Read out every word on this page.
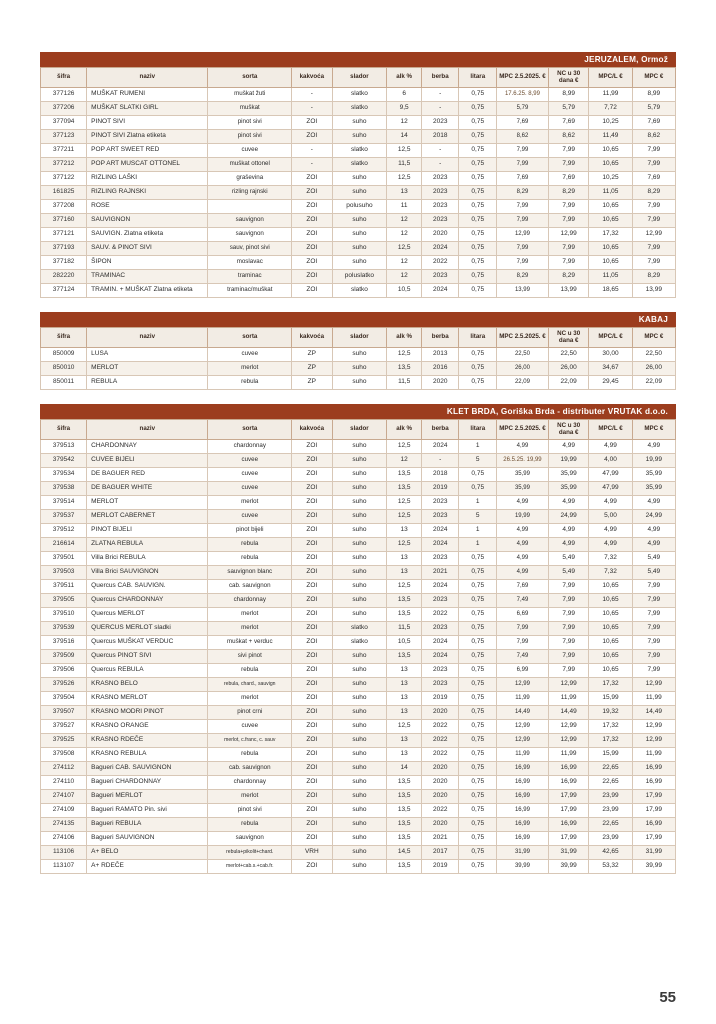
JERUZALEM, Ormož
šifra	naziv	sorta	kakvoća	slador	alk %	berba	litara	MPC 2.5.2025. €	NC u 30 dana €	MPC/L €	MPC €
377126	MUŠKAT RUMENI	muškat žuti	-	slatko	6	-	0,75	17.6.25. 8,99	8,99	11,99	8,99
377206	MUŠKAT SLATKI GIRL	muškat	-	slatko	9,5	-	0,75	5,79	5,79	7,72	5,79
377094	PINOT SIVI	pinot sivi	ZOI	suho	12	2023	0,75	7,69	7,69	10,25	7,69
377123	PINOT SIVI Zlatna etiketa	pinot sivi	ZOI	suho	14	2018	0,75	8,62	8,62	11,49	8,62
377211	POP ART SWEET RED	cuvee	-	slatko	12,5	-	0,75	7,99	7,99	10,65	7,99
377212	POP ART MUSCAT OTTONEL	muškat ottonel	-	slatko	11,5	-	0,75	7,99	7,99	10,65	7,99
377122	RIZLING LAŠKI	graševina	ZOI	suho	12,5	2023	0,75	7,69	7,69	10,25	7,69
161825	RIZLING RAJNSKI	rizling rajnski	ZOI	suho	13	2023	0,75	8,29	8,29	11,05	8,29
377208	ROSE		ZOI	polusuho	11	2023	0,75	7,99	7,99	10,65	7,99
377160	SAUVIGNON	sauvignon	ZOI	suho	12	2023	0,75	7,99	7,99	10,65	7,99
377121	SAUVIGN. Zlatna etiketa	sauvignon	ZOI	suho	12	2020	0,75	12,99	12,99	17,32	12,99
377193	SAUV. & PINOT SIVI	sauv, pinot sivi	ZOI	suho	12,5	2024	0,75	7,99	7,99	10,65	7,99
377182	ŠIPON	moslavac	ZOI	suho	12	2022	0,75	7,99	7,99	10,65	7,99
282220	TRAMINAC	traminac	ZOI	poluslatko	12	2023	0,75	8,29	8,29	11,05	8,29
377124	TRAMIN. + MUŠKAT Zlatna etiketa	traminac/muškat	ZOI	slatko	10,5	2024	0,75	13,99	13,99	18,65	13,99
KABAJ
šifra	naziv	sorta	kakvoća	slador	alk %	berba	litara	MPC 2.5.2025. €	NC u 30 dana €	MPC/L €	MPC €
850009	LUSA	cuvee	ZP	suho	12,5	2013	0,75	22,50	22,50	30,00	22,50
850010	MERLOT	merlot	ZP	suho	13,5	2016	0,75	26,00	26,00	34,67	26,00
850011	REBULA	rebula	ZP	suho	11,5	2020	0,75	22,09	22,09	29,45	22,09
KLET BRDA, Goriška Brda - distributer VRUTAK d.o.o.
šifra	naziv	sorta	kakvoća	slador	alk %	berba	litara	MPC 2.5.2025. €	NC u 30 dana €	MPC/L €	MPC €
379513	CHARDONNAY	chardonnay	ZOI	suho	12,5	2024	1	4,99	4,99	4,99	4,99
379542	CUVEE BIJELI	cuvee	ZOI	suho	12	-	5	26.5.25. 19,99	19,99	4,00	19,99
379534	DE BAGUER RED	cuvee	ZOI	suho	13,5	2018	0,75	35,99	35,99	47,99	35,99
379538	DE BAGUER WHITE	cuvee	ZOI	suho	13,5	2019	0,75	35,99	35,99	47,99	35,99
379514	MERLOT	merlot	ZOI	suho	12,5	2023	1	4,99	4,99	4,99	4,99
379537	MERLOT CABERNET	cuvee	ZOI	suho	12,5	2023	5	19,99	24,99	5,00	24,99
379512	PINOT BIJELI	pinot bijeli	ZOI	suho	13	2024	1	4,99	4,99	4,99	4,99
216614	ZLATNA REBULA	rebula	ZOI	suho	12,5	2024	1	4,99	4,99	4,99	4,99
379501	Villa Brici REBULA	rebula	ZOI	suho	13	2023	0,75	4,99	5,49	7,32	5,49
379503	Villa Brici SAUVIGNON	sauvignon blanc	ZOI	suho	13	2021	0,75	4,99	5,49	7,32	5,49
379511	Quercus CAB. SAUVIGN.	cab. sauvignon	ZOI	suho	12,5	2024	0,75	7,69	7,99	10,65	7,99
379505	Quercus CHARDONNAY	chardonnay	ZOI	suho	13,5	2023	0,75	7,49	7,99	10,65	7,99
379510	Quercus MERLOT	merlot	ZOI	suho	13,5	2022	0,75	6,69	7,99	10,65	7,99
379539	QUERCUS MERLOT sladki	merlot	ZOI	slatko	11,5	2023	0,75	7,99	7,99	10,65	7,99
379516	Quercus MUŠKAT VERDUC	muškat + verduc	ZOI	slatko	10,5	2024	0,75	7,99	7,99	10,65	7,99
379509	Quercus PINOT SIVI	sivi pinot	ZOI	suho	13,5	2024	0,75	7,49	7,99	10,65	7,99
379506	Quercus REBULA	rebula	ZOI	suho	13	2023	0,75	6,99	7,99	10,65	7,99
379526	KRASNO BELO	rebula, chard., sauvign	ZOI	suho	13	2023	0,75	12,99	12,99	17,32	12,99
379504	KRASNO MERLOT	merlot	ZOI	suho	13	2019	0,75	11,99	11,99	15,99	11,99
379507	KRASNO MODRI PINOT	pinot crni	ZOI	suho	13	2020	0,75	14,49	14,49	19,32	14,49
379527	KRASNO ORANGE	cuvee	ZOI	suho	12,5	2022	0,75	12,99	12,99	17,32	12,99
379525	KRASNO RDEČE	merlot, c.franc, c. sauv	ZOI	suho	13	2022	0,75	12,99	12,99	17,32	12,99
379508	KRASNO REBULA	rebula	ZOI	suho	13	2022	0,75	11,99	11,99	15,99	11,99
274112	Bagueri CAB. SAUVIGNON	cab. sauvignon	ZOI	suho	14	2020	0,75	16,99	16,99	22,65	16,99
274110	Bagueri CHARDONNAY	chardonnay	ZOI	suho	13,5	2020	0,75	16,99	16,99	22,65	16,99
274107	Bagueri MERLOT	merlot	ZOI	suho	13,5	2020	0,75	16,99	17,99	23,99	17,99
274109	Bagueri RAMATO Pin. sivi	pinot sivi	ZOI	suho	13,5	2022	0,75	16,99	17,99	23,99	17,99
274135	Bagueri REBULA	rebula	ZOI	suho	13,5	2020	0,75	16,99	16,99	22,65	16,99
274106	Bagueri SAUVIGNON	sauvignon	ZOI	suho	13,5	2021	0,75	16,99	17,99	23,99	17,99
113106	A+ BELO	rebula+pikolit+chard.	VRH	suho	14,5	2017	0,75	31,99	31,99	42,65	31,99
113107	A+ RDEČE	merlot+cab.s.+cab.fr.	ZOI	suho	13,5	2019	0,75	39,99	39,99	53,32	39,99
55
